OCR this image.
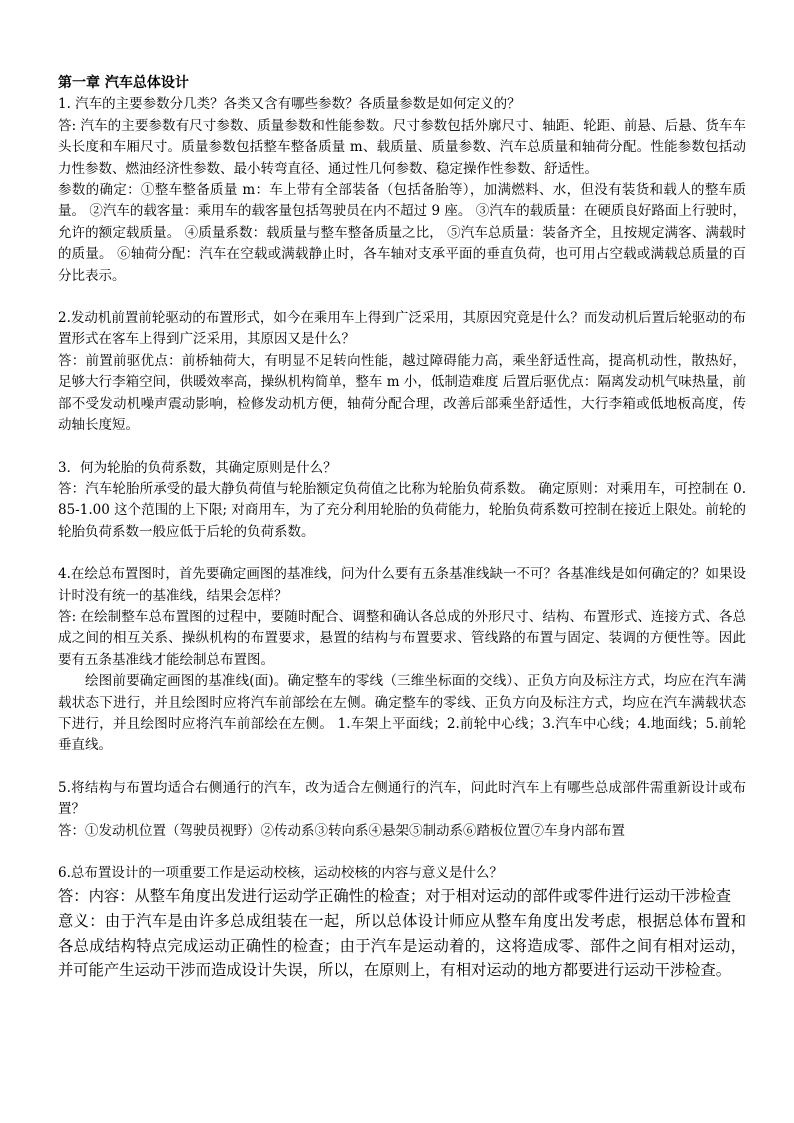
第一章 汽车总体设计

1. 汽车的主要参数分几类？各类又含有哪些参数？各质量参数是如何定义的？

答: 汽车的主要参数有尺寸参数、质量参数和性能参数。尺寸参数包括外廓尺寸、轴距、轮距、前悬、后悬、货车车头长度和车厢尺寸。质量参数包括整车整备质量 m、载质量、质量参数、汽车总质量和轴荷分配。性能参数包括动力性参数、燃油经济性参数、最小转弯直径、通过性几何参数、稳定操作性参数、舒适性。

参数的确定：①整车整备质量 m：车上带有全部装备（包括备胎等），加满燃料、水，但没有装货和载人的整车质量。 ②汽车的载客量：乘用车的载客量包括驾驶员在内不超过 9 座。 ③汽车的载质量：在硬质良好路面上行驶时，允许的额定载质量。 ④质量系数：载质量与整车整备质量之比， ⑤汽车总质量：装备齐全，且按规定满客、满载时的质量。 ⑥轴荷分配：汽车在空载或满载静止时，各车轴对支承平面的垂直负荷，也可用占空载或满载总质量的百分比表示。

2.发动机前置前轮驱动的布置形式，如今在乘用车上得到广泛采用，其原因究竟是什么？而发动机后置后轮驱动的布置形式在客车上得到广泛采用，其原因又是什么？

答：前置前驱优点：前桥轴荷大，有明显不足转向性能，越过障碍能力高，乘坐舒适性高，提高机动性，散热好，足够大行李箱空间，供暖效率高，操纵机构简单，整车 m 小，低制造难度 后置后驱优点：隔离发动机气味热量，前部不受发动机噪声震动影响，检修发动机方便，轴荷分配合理，改善后部乘坐舒适性，大行李箱或低地板高度，传动轴长度短。

3．何为轮胎的负荷系数，其确定原则是什么？

答：汽车轮胎所承受的最大静负荷值与轮胎额定负荷值之比称为轮胎负荷系数。 确定原则：对乘用车，可控制在 0.85-1.00 这个范围的上下限; 对商用车，为了充分利用轮胎的负荷能力，轮胎负荷系数可控制在接近上限处。前轮的轮胎负荷系数一般应低于后轮的负荷系数。

4.在绘总布置图时，首先要确定画图的基准线，问为什么要有五条基准线缺一不可？各基准线是如何确定的？如果设计时没有统一的基准线，结果会怎样？

答: 在绘制整车总布置图的过程中，要随时配合、调整和确认各总成的外形尺寸、结构、布置形式、连接方式、各总成之间的相互关系、操纵机构的布置要求，悬置的结构与布置要求、管线路的布置与固定、装调的方便性等。因此要有五条基准线才能绘制总布置图。

绘图前要确定画图的基准线(面)。确定整车的零线（三维坐标面的交线）、正负方向及标注方式，均应在汽车满载状态下进行，并且绘图时应将汽车前部绘在左侧。确定整车的零线、正负方向及标注方式，均应在汽车满载状态下进行，并且绘图时应将汽车前部绘在左侧。 1.车架上平面线；2.前轮中心线；3.汽车中心线；4.地面线；5.前轮垂直线。

5.将结构与布置均适合右侧通行的汽车，改为适合左侧通行的汽车，问此时汽车上有哪些总成部件需重新设计或布置？

答：①发动机位置（驾驶员视野）②传动系③转向系④悬架⑤制动系⑥踏板位置⑦车身内部布置

6.总布置设计的一项重要工作是运动校核，运动校核的内容与意义是什么？

答：内容：从整车角度出发进行运动学正确性的检查；对于相对运动的部件或零件进行运动干涉检查

意义：由于汽车是由许多总成组装在一起，所以总体设计师应从整车角度出发考虑，根据总体布置和各总成结构特点完成运动正确性的检查；由于汽车是运动着的，这将造成零、部件之间有相对运动，并可能产生运动干涉而造成设计失误，所以，在原则上，有相对运动的地方都要进行运动干涉检查。
